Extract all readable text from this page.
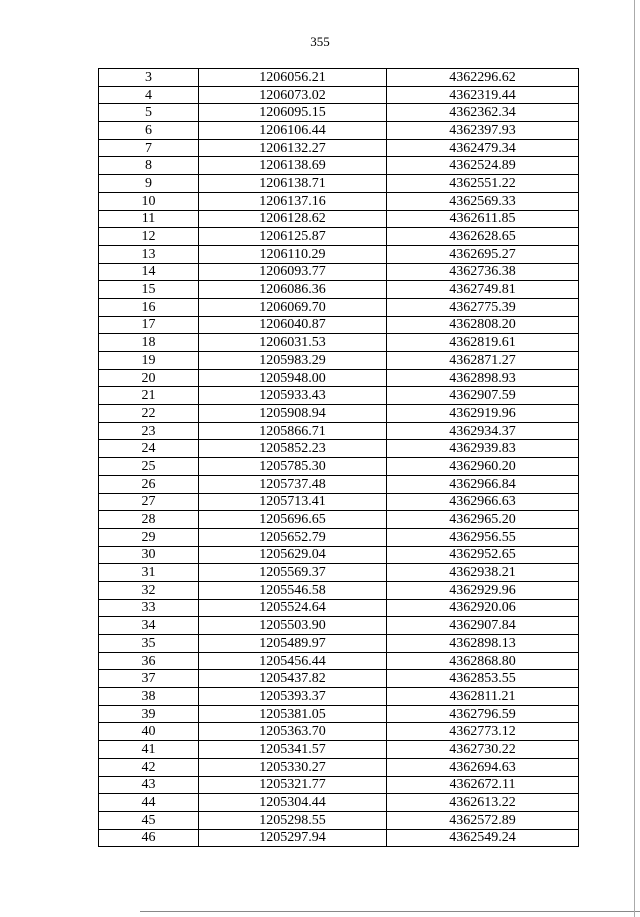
355
3	1206056.21	4362296.62
4	1206073.02	4362319.44
5	1206095.15	4362362.34
6	1206106.44	4362397.93
7	1206132.27	4362479.34
8	1206138.69	4362524.89
9	1206138.71	4362551.22
10	1206137.16	4362569.33
11	1206128.62	4362611.85
12	1206125.87	4362628.65
13	1206110.29	4362695.27
14	1206093.77	4362736.38
15	1206086.36	4362749.81
16	1206069.70	4362775.39
17	1206040.87	4362808.20
18	1206031.53	4362819.61
19	1205983.29	4362871.27
20	1205948.00	4362898.93
21	1205933.43	4362907.59
22	1205908.94	4362919.96
23	1205866.71	4362934.37
24	1205852.23	4362939.83
25	1205785.30	4362960.20
26	1205737.48	4362966.84
27	1205713.41	4362966.63
28	1205696.65	4362965.20
29	1205652.79	4362956.55
30	1205629.04	4362952.65
31	1205569.37	4362938.21
32	1205546.58	4362929.96
33	1205524.64	4362920.06
34	1205503.90	4362907.84
35	1205489.97	4362898.13
36	1205456.44	4362868.80
37	1205437.82	4362853.55
38	1205393.37	4362811.21
39	1205381.05	4362796.59
40	1205363.70	4362773.12
41	1205341.57	4362730.22
42	1205330.27	4362694.63
43	1205321.77	4362672.11
44	1205304.44	4362613.22
45	1205298.55	4362572.89
46	1205297.94	4362549.24
